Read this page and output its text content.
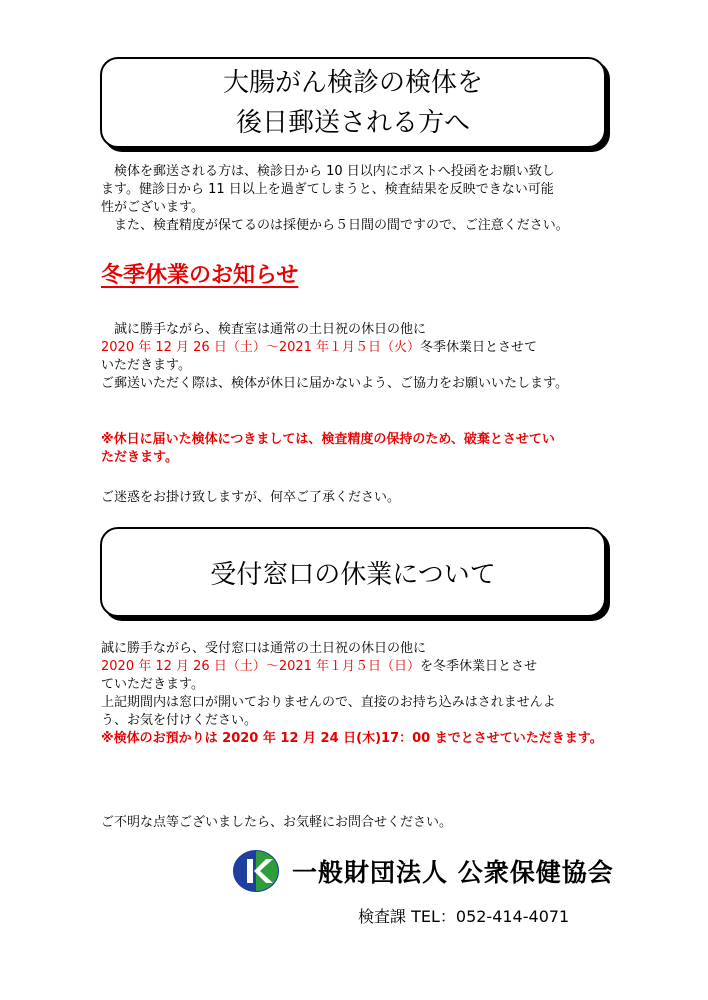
大腸がん検診の検体を
後日郵送される方へ
　検体を郵送される方は、検診日から 10 日以内にポストへ投函をお願い致し
ます。健診日から 11 日以上を過ぎてしまうと、検査結果を反映できない可能
性がございます。
　また、検査精度が保てるのは採便から５日間の間ですので、ご注意ください。
冬季休業のお知らせ
　誠に勝手ながら、検査室は通常の土日祝の休日の他に
2020 年 12 月 26 日（土）～2021 年１月５日（火）冬季休業日とさせて
いただきます。
ご郵送いただく際は、検体が休日に届かないよう、ご協力をお願いいたします。
※休日に届いた検体につきましては、検査精度の保持のため、破棄とさせてい
ただきます。
ご迷惑をお掛け致しますが、何卒ご了承ください。
受付窓口の休業について
誠に勝手ながら、受付窓口は通常の土日祝の休日の他に
2020 年 12 月 26 日（土）～2021 年１月５日（日）を冬季休業日とさせ
ていただきます。
上記期間内は窓口が開いておりませんので、直接のお持ち込みはされませんよ
う、お気を付けください。
※検体のお預かりは 2020 年 12 月 24 日(木)17：00 までとさせていただきます。
ご不明な点等ございましたら、お気軽にお問合せください。
一般財団法人 公衆保健協会
検査課 TEL：052-414-4071
